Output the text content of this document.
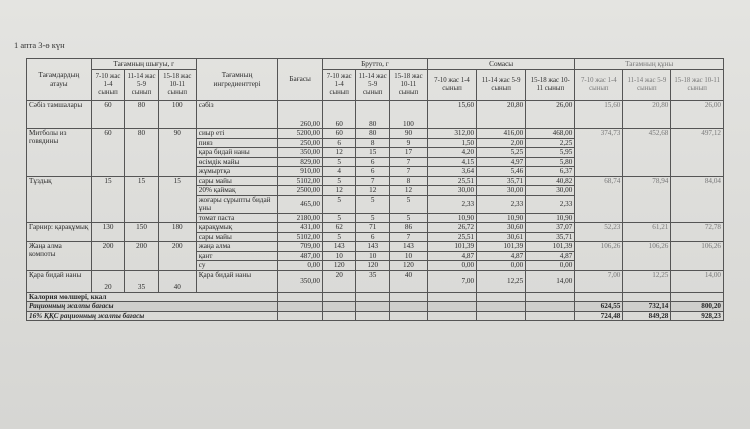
1 апта 3-ө күн
Тағамдардың атауы	Тағамның шығуы, г			Тағамның ингредиенттері	Бағасы	Брутто, г			Сомасы			Тағамның құны		
	7-10 жас 1-4 сынып	11-14 жас 5-9 сынып	15-18 жас 10-11 сынып			7-10 жас 1-4 сынып	11-14 жас 5-9 сынып	15-18 жас 10-11 сынып	7-10 жас 1-4 сынып	11-14 жас 5-9 сынып	15-18 жас 10-11 сынып	7-10 жас 1-4 сынып	11-14 жас 5-9 сынып	15-18 жас 10-11 сынып
Сәбіз тамшалары	60	80	100	сәбіз	260,00	60	80	100	15,60	20,80	26,00	15,60	20,80	26,00
Митболы из говядины	60	80	90	сиыр еті	5200,00	60	80	90	312,00	416,00	468,00	374,73	452,68	497,12
				пияз	250,00	6	8	9	1,50	2,00	2,25			
				қара бидай наны	350,00	12	15	17	4,20	5,25	5,95			
				өсімдік майы	829,00	5	6	7	4,15	4,97	5,80			
				жұмыртқа	910,00	4	6	7	3,64	5,46	6,37			
Тұздық	15	15	15	сары майы	5102,00	5	7	8	25,51	35,71	40,82	68,74	78,94	84,04
				20% қаймақ	2500,00	12	12	12	30,00	30,00	30,00			
				жоғары сұрыпты бидай ұны	465,00	5	5	5	2,33	2,33	2,33			
				томат паста	2180,00	5	5	5	10,90	10,90	10,90			
Гарнир: қарақұмық	130	150	180	қарақұмық	431,00	62	71	86	26,72	30,60	37,07	52,23	61,21	72,78
				сары майы	5102,00	5	6	7	25,51	30,61	35,71			
Жаңа алма компоты	200	200	200	жаңа алма	709,00	143	143	143	101,39	101,39	101,39	106,26	106,26	106,26
				қант	487,00	10	10	10	4,87	4,87	4,87			
				су	0,00	120	120	120	0,00	0,00	0,00			
Қара бидай наны	20	35	40	Қара бидай наны	350,00	20	35	40	7,00	12,25	14,00	7,00	12,25	14,00
Калория мөлшері, ккал														
Рационның жалпы бағасы												624,55	732,14	800,20
16% ҚҚС рационның жалпы бағасы												724,48	849,28	928,23
